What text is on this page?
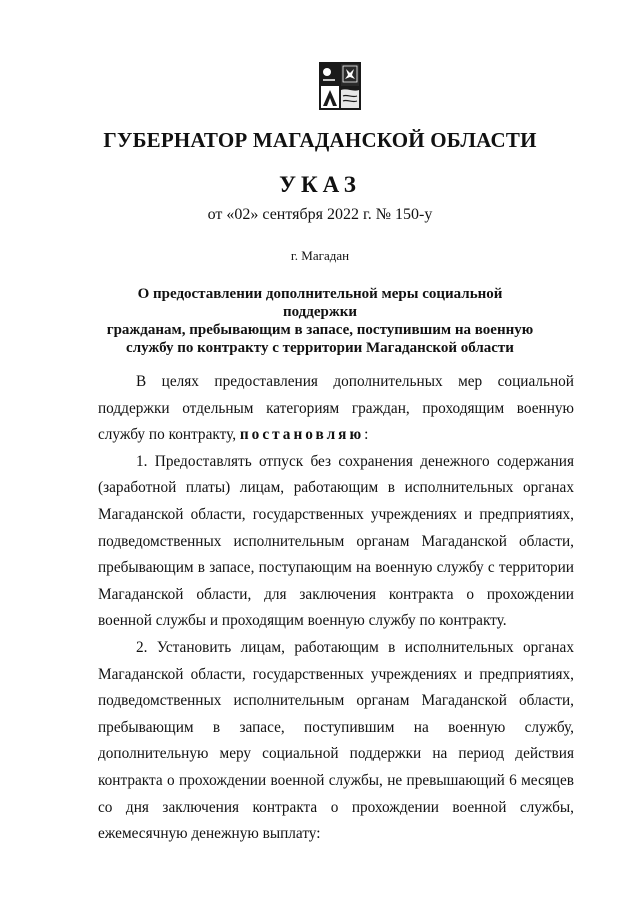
ГУБЕРНАТОР МАГАДАНСКОЙ ОБЛАСТИ
УКАЗ
от «02» сентября 2022 г. № 150-у
г. Магадан
О предоставлении дополнительной меры социальной поддержки
гражданам, пребывающим в запасе, поступившим на военную
службу по контракту с территории Магаданской области

В целях предоставления дополнительных мер социальной поддержки отдельным категориям граждан, проходящим военную службу по контракту, постановляю:

1. Предоставлять отпуск без сохранения денежного содержания (заработной платы) лицам, работающим в исполнительных органах Магаданской области, государственных учреждениях и предприятиях, подведомственных исполнительным органам Магаданской области, пребывающим в запасе, поступающим на военную службу с территории Магаданской области, для заключения контракта о прохождении военной службы и проходящим военную службу по контракту.

2. Установить лицам, работающим в исполнительных органах Магаданской области, государственных учреждениях и предприятиях, подведомственных исполнительным органам Магаданской области, пребывающим в запасе, поступившим на военную службу, дополнительную меру социальной поддержки на период действия контракта о прохождении военной службы, не превышающий 6 месяцев со дня заключения контракта о прохождении военной службы, ежемесячную денежную выплату:
